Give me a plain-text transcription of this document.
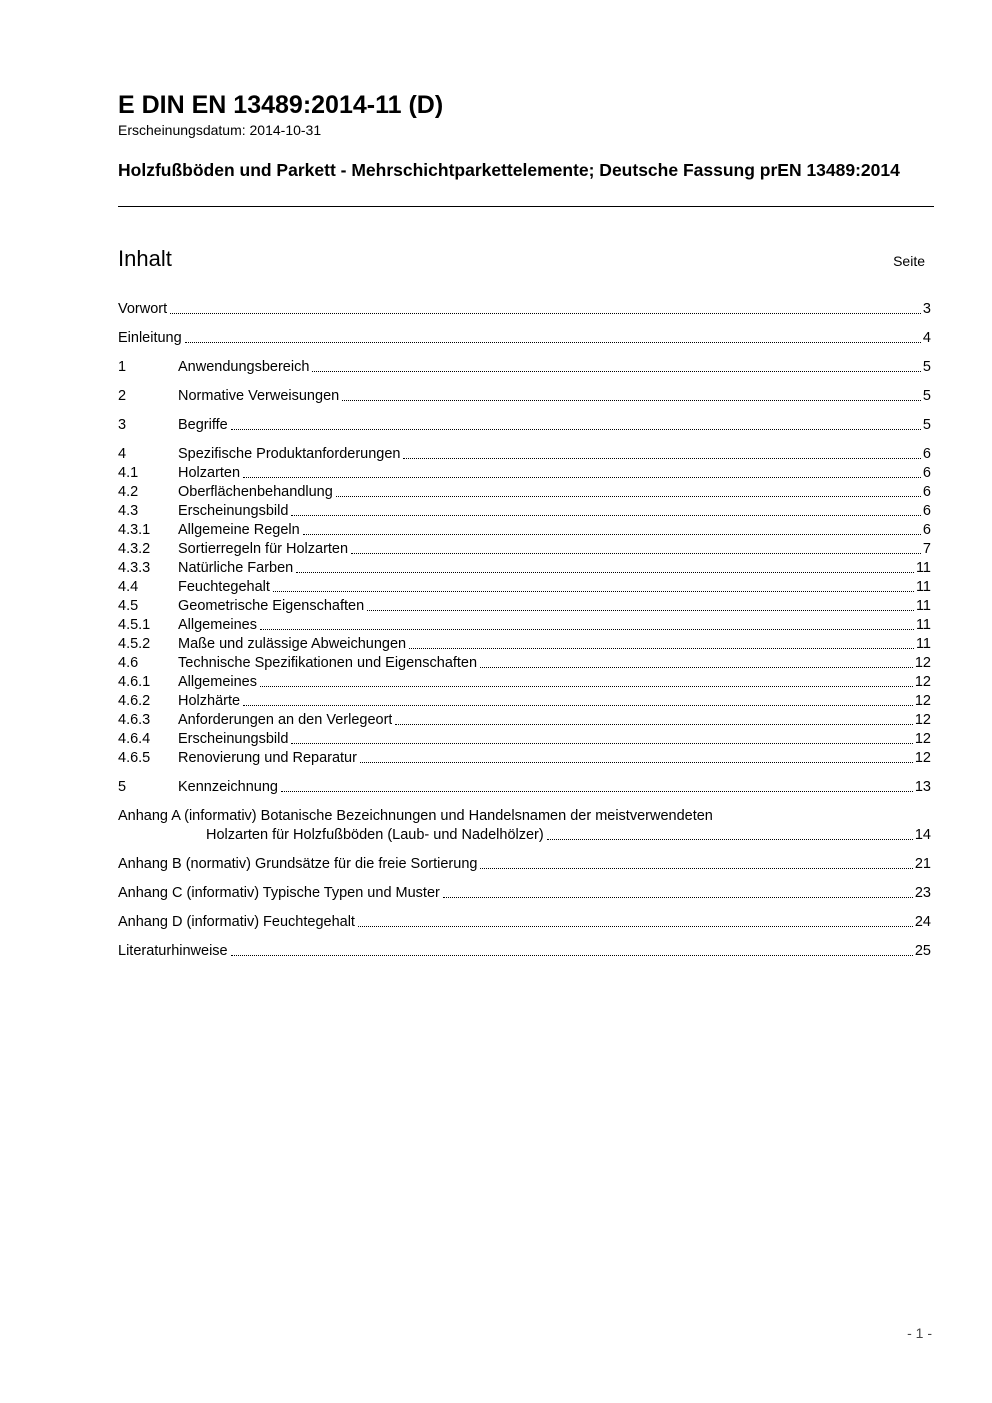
E DIN EN 13489:2014-11 (D)
Erscheinungsdatum: 2014-10-31
Holzfußböden und Parkett - Mehrschichtparkettelemente; Deutsche Fassung prEN 13489:2014
Inhalt	Seite
Vorwort	3
Einleitung	4
1	Anwendungsbereich	5
2	Normative Verweisungen	5
3	Begriffe	5
4	Spezifische Produktanforderungen	6
4.1	Holzarten	6
4.2	Oberflächenbehandlung	6
4.3	Erscheinungsbild	6
4.3.1	Allgemeine Regeln	6
4.3.2	Sortierregeln für Holzarten	7
4.3.3	Natürliche Farben	11
4.4	Feuchtegehalt	11
4.5	Geometrische Eigenschaften	11
4.5.1	Allgemeines	11
4.5.2	Maße und zulässige Abweichungen	11
4.6	Technische Spezifikationen und Eigenschaften	12
4.6.1	Allgemeines	12
4.6.2	Holzhärte	12
4.6.3	Anforderungen an den Verlegeort	12
4.6.4	Erscheinungsbild	12
4.6.5	Renovierung und Reparatur	12
5	Kennzeichnung	13
Anhang A (informativ) Botanische Bezeichnungen und Handelsnamen der meistverwendeten
Holzarten für Holzfußböden (Laub- und Nadelhölzer)	14
Anhang B (normativ) Grundsätze für die freie Sortierung	21
Anhang C (informativ) Typische Typen und Muster	23
Anhang D (informativ) Feuchtegehalt	24
Literaturhinweise	25
- 1 -
